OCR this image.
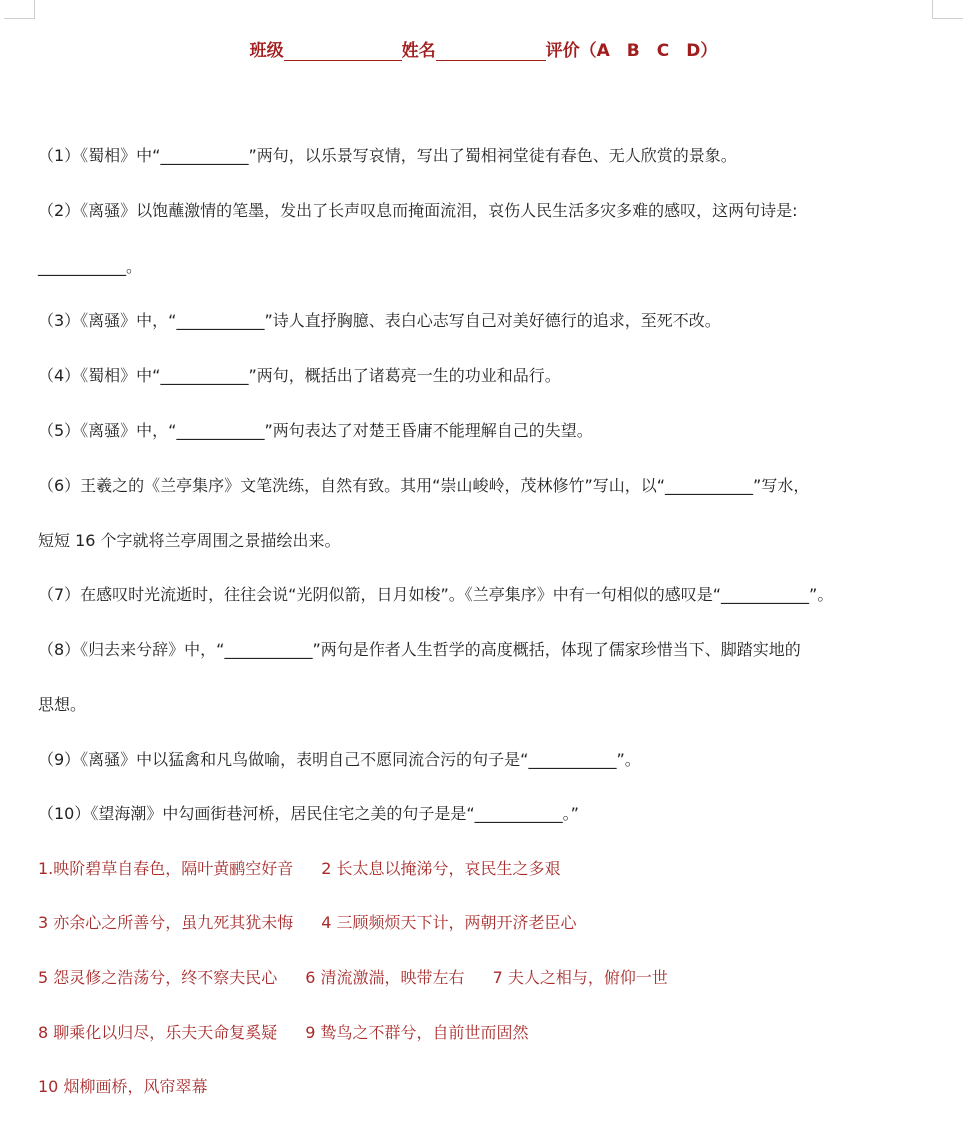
班级	姓名	评价（A　B　C　D）
（1）《蜀相》中“___________”两句，以乐景写哀情，写出了蜀相祠堂徒有春色、无人欣赏的景象。
（2）《离骚》以饱蘸激情的笔墨，发出了长声叹息而掩面流泪，哀伤人民生活多灾多难的感叹，这两句诗是:
___________。
（3）《离骚》中，“___________”诗人直抒胸臆、表白心志写自己对美好德行的追求，至死不改。
（4）《蜀相》中“___________”两句，概括出了诸葛亮一生的功业和品行。
（5）《离骚》中，“___________”两句表达了对楚王昏庸不能理解自己的失望。
（6）王羲之的《兰亭集序》文笔洗练，自然有致。其用“崇山峻岭，茂林修竹”写山，以“___________”写水，
短短 16 个字就将兰亭周围之景描绘出来。
（7）在感叹时光流逝时，往往会说“光阴似箭，日月如梭”。《兰亭集序》中有一句相似的感叹是“___________”。
（8）《归去来兮辞》中，“___________”两句是作者人生哲学的高度概括，体现了儒家珍惜当下、脚踏实地的
思想。
（9）《离骚》中以猛禽和凡鸟做喻，表明自己不愿同流合污的句子是“___________”。
（10）《望海潮》中勾画街巷河桥，居民住宅之美的句子是是“___________。”
1.映阶碧草自春色，隔叶黄鹂空好音 2 长太息以掩涕兮，哀民生之多艰
3 亦余心之所善兮，虽九死其犹未悔 4 三顾频烦天下计，两朝开济老臣心
5 怨灵修之浩荡兮，终不察夫民心 6 清流激湍，映带左右 7 夫人之相与，俯仰一世
8 聊乘化以归尽，乐夫天命复奚疑 9 鸷鸟之不群兮，自前世而固然
10 烟柳画桥，风帘翠幕
